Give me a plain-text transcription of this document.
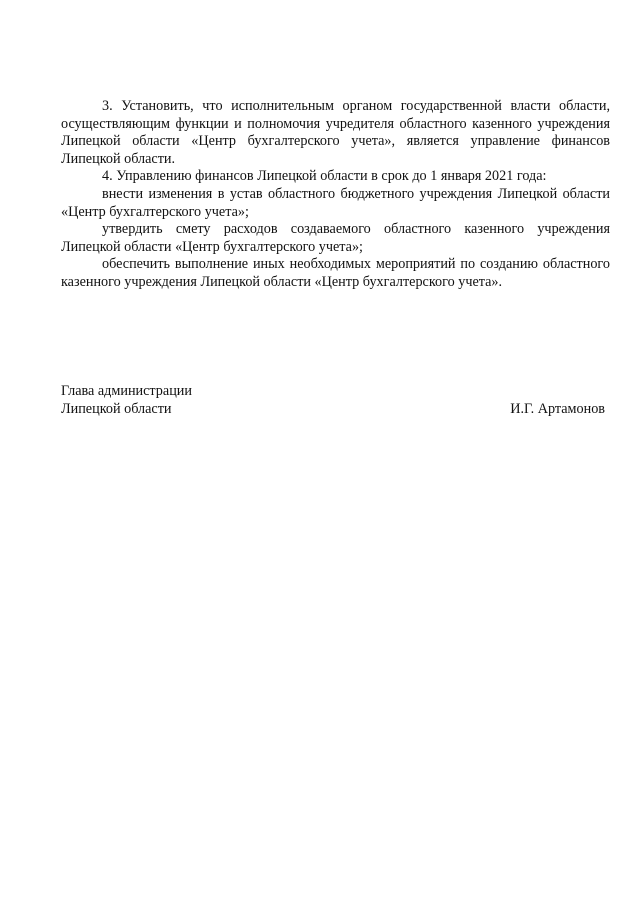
3. Установить, что исполнительным органом государственной власти области, осуществляющим функции и полномочия учредителя областного казенного учреждения Липецкой области «Центр бухгалтерского учета», является управление финансов Липецкой области.

4. Управлению финансов Липецкой области в срок до 1 января 2021 года:

внести изменения в устав областного бюджетного учреждения Липецкой области «Центр бухгалтерского учета»;

утвердить смету расходов создаваемого областного казенного учреждения Липецкой области «Центр бухгалтерского учета»;

обеспечить выполнение иных необходимых мероприятий по созданию областного казенного учреждения Липецкой области «Центр бухгалтерского учета».

Глава администрации
Липецкой области	И.Г. Артамонов
